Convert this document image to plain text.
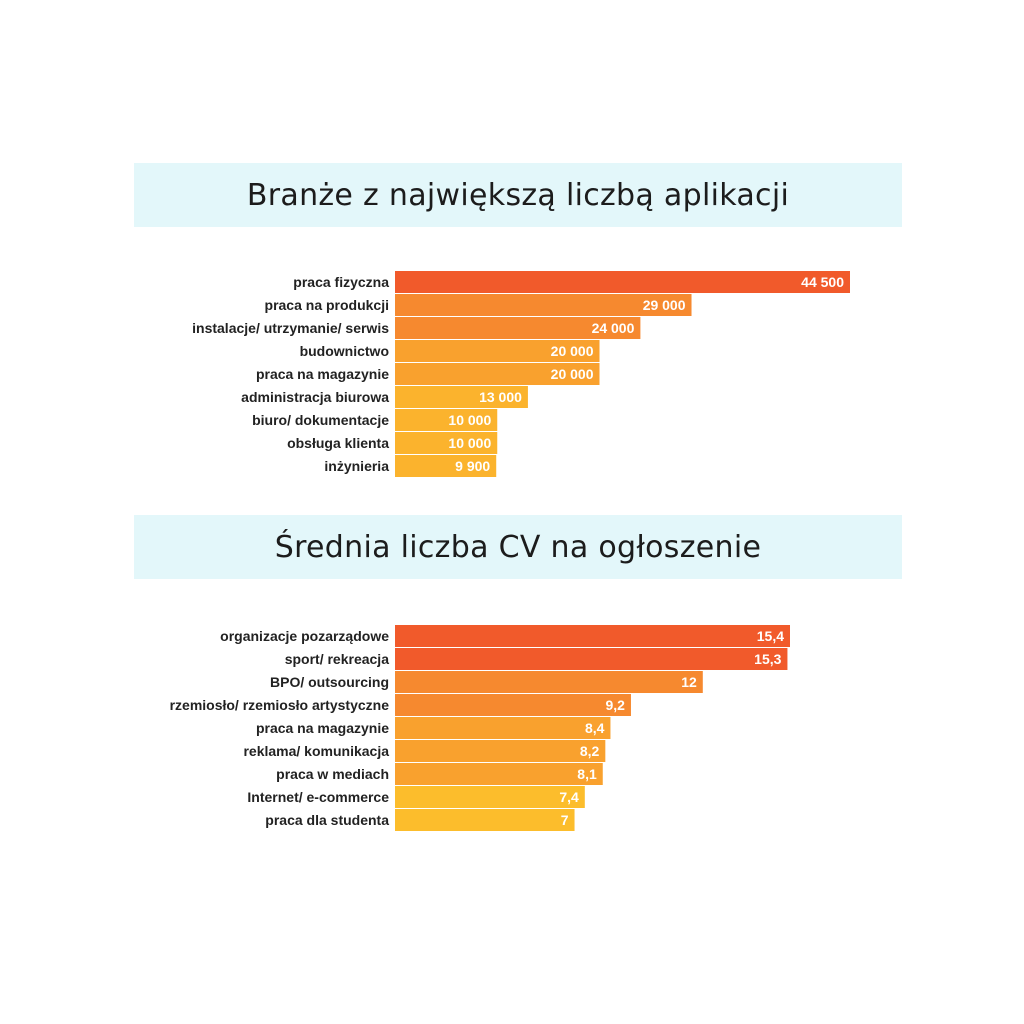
Branże z największą liczbą aplikacji
praca fizyczna	44 500
praca na produkcji	29 000
instalacje/ utrzymanie/ serwis	24 000
budownictwo	20 000
praca na magazynie	20 000
administracja biurowa	13 000
biuro/ dokumentacje	10 000
obsługa klienta	10 000
inżynieria	9 900
Średnia liczba CV na ogłoszenie
organizacje pozarządowe	15,4
sport/ rekreacja	15,3
BPO/ outsourcing	12
rzemiosło/ rzemiosło artystyczne	9,2
praca na magazynie	8,4
reklama/ komunikacja	8,2
praca w mediach	8,1
Internet/ e-commerce	7,4
praca dla studenta	7
